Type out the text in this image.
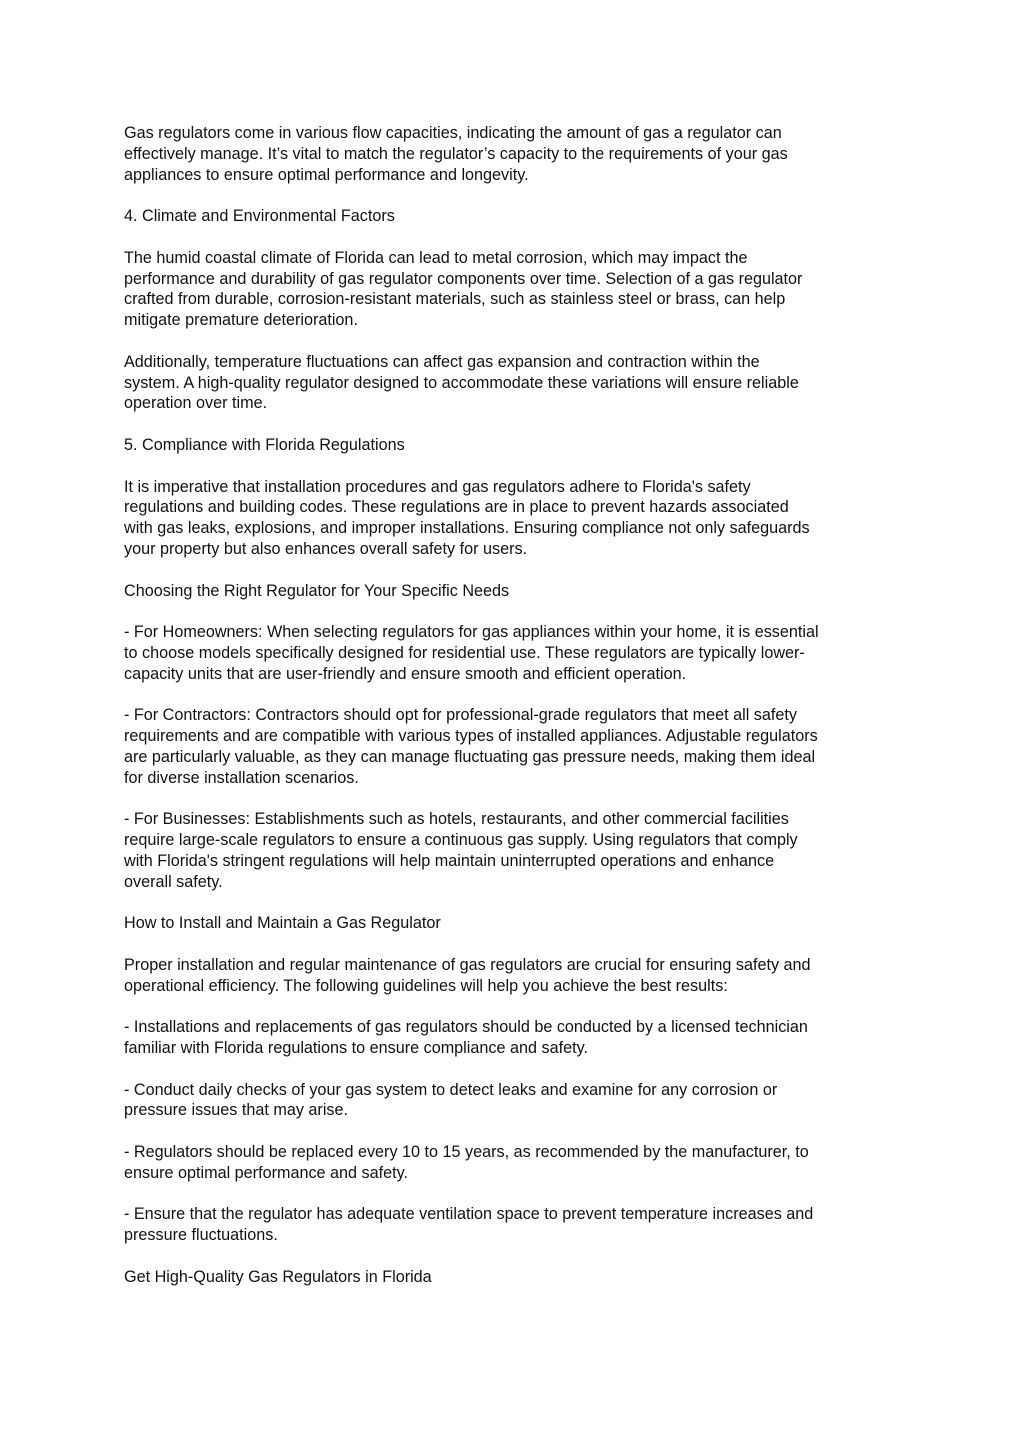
Gas regulators come in various flow capacities, indicating the amount of gas a regulator can
effectively manage. It’s vital to match the regulator’s capacity to the requirements of your gas
appliances to ensure optimal performance and longevity.

4. Climate and Environmental Factors

The humid coastal climate of Florida can lead to metal corrosion, which may impact the
performance and durability of gas regulator components over time. Selection of a gas regulator
crafted from durable, corrosion-resistant materials, such as stainless steel or brass, can help
mitigate premature deterioration.

Additionally, temperature fluctuations can affect gas expansion and contraction within the
system. A high-quality regulator designed to accommodate these variations will ensure reliable
operation over time.

5. Compliance with Florida Regulations

It is imperative that installation procedures and gas regulators adhere to Florida's safety
regulations and building codes. These regulations are in place to prevent hazards associated
with gas leaks, explosions, and improper installations. Ensuring compliance not only safeguards
your property but also enhances overall safety for users.

Choosing the Right Regulator for Your Specific Needs

- For Homeowners: When selecting regulators for gas appliances within your home, it is essential
to choose models specifically designed for residential use. These regulators are typically lower-
capacity units that are user-friendly and ensure smooth and efficient operation.

- For Contractors: Contractors should opt for professional-grade regulators that meet all safety
requirements and are compatible with various types of installed appliances. Adjustable regulators
are particularly valuable, as they can manage fluctuating gas pressure needs, making them ideal
for diverse installation scenarios.

- For Businesses: Establishments such as hotels, restaurants, and other commercial facilities
require large-scale regulators to ensure a continuous gas supply. Using regulators that comply
with Florida's stringent regulations will help maintain uninterrupted operations and enhance
overall safety.

How to Install and Maintain a Gas Regulator

Proper installation and regular maintenance of gas regulators are crucial for ensuring safety and
operational efficiency. The following guidelines will help you achieve the best results:

- Installations and replacements of gas regulators should be conducted by a licensed technician
familiar with Florida regulations to ensure compliance and safety.

- Conduct daily checks of your gas system to detect leaks and examine for any corrosion or
pressure issues that may arise.

- Regulators should be replaced every 10 to 15 years, as recommended by the manufacturer, to
ensure optimal performance and safety.

- Ensure that the regulator has adequate ventilation space to prevent temperature increases and
pressure fluctuations.

Get High-Quality Gas Regulators in Florida
